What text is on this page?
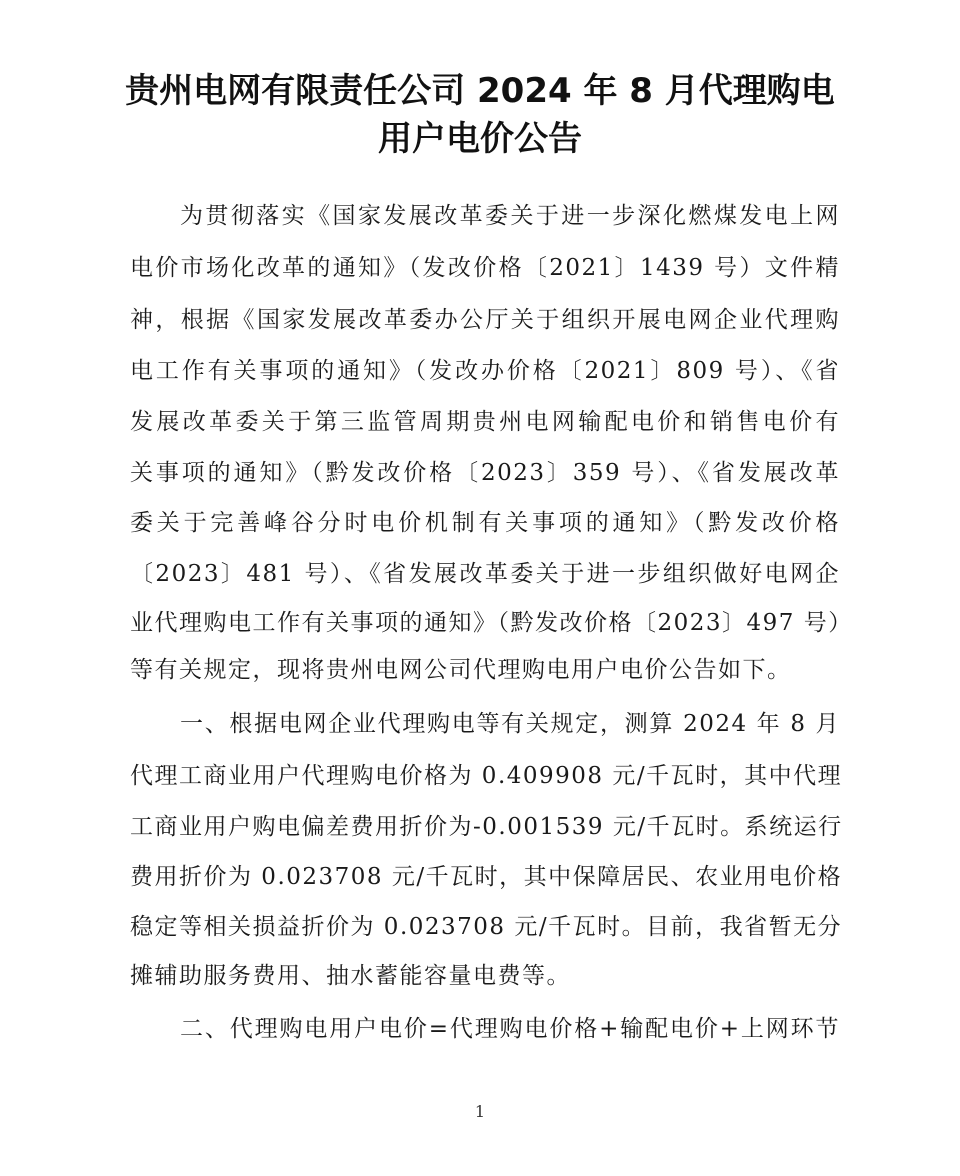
贵州电网有限责任公司 2024 年 8 月代理购电
用户电价公告
为贯彻落实《国家发展改革委关于进一步深化燃煤发电上网
电价市场化改革的通知》（发改价格〔2021〕1439 号）文件精
神，根据《国家发展改革委办公厅关于组织开展电网企业代理购
电工作有关事项的通知》（发改办价格〔2021〕809 号）、《省
发展改革委关于第三监管周期贵州电网输配电价和销售电价有
关事项的通知》（黔发改价格〔2023〕359 号）、《省发展改革
委关于完善峰谷分时电价机制有关事项的通知》（黔发改价格
〔2023〕481 号）、《省发展改革委关于进一步组织做好电网企
业代理购电工作有关事项的通知》（黔发改价格〔2023〕497 号）
等有关规定，现将贵州电网公司代理购电用户电价公告如下。
一、根据电网企业代理购电等有关规定，测算 2024 年 8 月
代理工商业用户代理购电价格为 0.409908 元/千瓦时，其中代理
工商业用户购电偏差费用折价为-0.001539 元/千瓦时。系统运行
费用折价为 0.023708 元/千瓦时，其中保障居民、农业用电价格
稳定等相关损益折价为 0.023708 元/千瓦时。目前，我省暂无分
摊辅助服务费用、抽水蓄能容量电费等。
二、代理购电用户电价=代理购电价格+输配电价+上网环节
1
